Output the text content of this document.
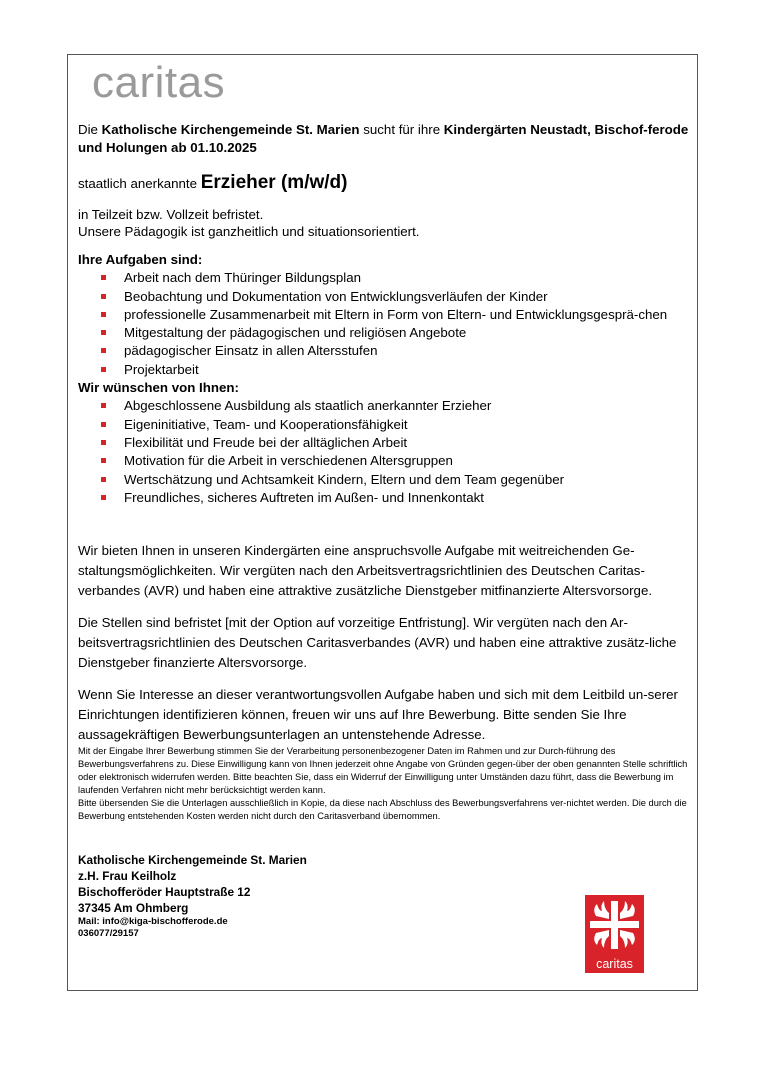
caritas
Die Katholische Kirchengemeinde St. Marien sucht für ihre Kindergärten Neustadt, Bischof-ferode und Holungen ab 01.10.2025
staatlich anerkannte Erzieher (m/w/d)
in Teilzeit bzw. Vollzeit befristet.
Unsere Pädagogik ist ganzheitlich und situationsorientiert.
Ihre Aufgaben sind:
Arbeit nach dem Thüringer Bildungsplan
Beobachtung und Dokumentation von Entwicklungsverläufen der Kinder
professionelle Zusammenarbeit mit Eltern in Form von Eltern- und Entwicklungsgesprä-chen
Mitgestaltung der pädagogischen und religiösen Angebote
pädagogischer Einsatz in allen Altersstufen
Projektarbeit
Wir wünschen von Ihnen:
Abgeschlossene Ausbildung als staatlich anerkannter Erzieher
Eigeninitiative, Team- und Kooperationsfähigkeit
Flexibilität und Freude bei der alltäglichen Arbeit
Motivation für die Arbeit in verschiedenen Altersgruppen
Wertschätzung und Achtsamkeit Kindern, Eltern und dem Team gegenüber
Freundliches, sicheres Auftreten im Außen- und Innenkontakt
Wir bieten Ihnen in unseren Kindergärten eine anspruchsvolle Aufgabe mit weitreichenden Ge-staltungsmöglichkeiten. Wir vergüten nach den Arbeitsvertragsrichtlinien des Deutschen Caritas-verbandes (AVR) und haben eine attraktive zusätzliche Dienstgeber mitfinanzierte Altersvorsorge.
Die Stellen sind befristet [mit der Option auf vorzeitige Entfristung]. Wir vergüten nach den Ar-beitsvertragsrichtlinien des Deutschen Caritasverbandes (AVR) und haben eine attraktive zusätz-liche Dienstgeber finanzierte Altersvorsorge.
Wenn Sie Interesse an dieser verantwortungsvollen Aufgabe haben und sich mit dem Leitbild un-serer Einrichtungen identifizieren können, freuen wir uns auf Ihre Bewerbung. Bitte senden Sie Ihre aussagekräftigen Bewerbungsunterlagen an untenstehende Adresse.

Mit der Eingabe Ihrer Bewerbung stimmen Sie der Verarbeitung personenbezogener Daten im Rahmen und zur Durch-führung des Bewerbungsverfahrens zu. Diese Einwilligung kann von Ihnen jederzeit ohne Angabe von Gründen gegen-über der oben genannten Stelle schriftlich oder elektronisch widerrufen werden. Bitte beachten Sie, dass ein Widerruf der Einwilligung unter Umständen dazu führt, dass die Bewerbung im laufenden Verfahren nicht mehr berücksichtigt werden kann.

Bitte übersenden Sie die Unterlagen ausschließlich in Kopie, da diese nach Abschluss des Bewerbungsverfahrens ver-nichtet werden. Die durch die Bewerbung entstehenden Kosten werden nicht durch den Caritasverband übernommen.

Katholische Kirchengemeinde St. Marien
z.H. Frau Keilholz
Bischofferöder Hauptstraße 12
37345 Am Ohmberg
Mail: info@kiga-bischofferode.de
036077/29157
caritas
